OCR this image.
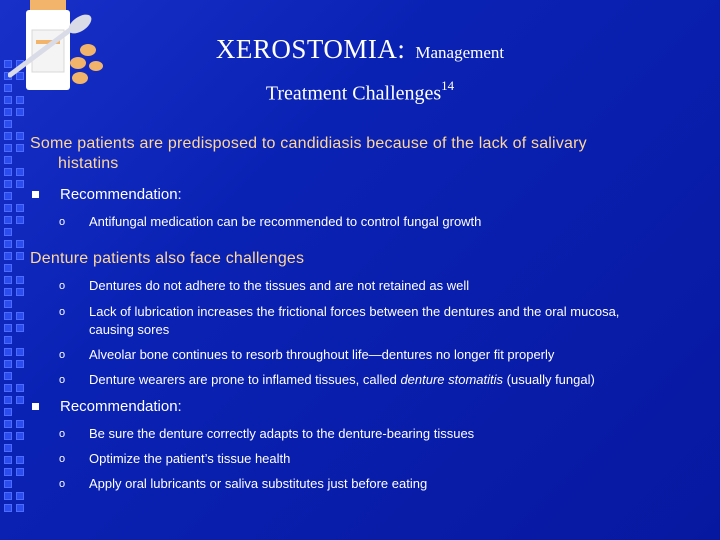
XEROSTOMIA: Management
Treatment Challenges$^{14}$
Some patients are predisposed to candidiasis because of the lack of salivary
histatins
Recommendation:
o Antifungal medication can be recommended to control fungal growth
Denture patients also face challenges
o Dentures do not adhere to the tissues and are not retained as well
o Lack of lubrication increases the frictional forces between the dentures and the oral mucosa,
causing sores
o Alveolar bone continues to resorb throughout life—dentures no longer fit properly
o Denture wearers are prone to inflamed tissues, called denture stomatitis (usually fungal)
Recommendation:
o Be sure the denture correctly adapts to the denture-bearing tissues
o Optimize the patient’s tissue health
o Apply oral lubricants or saliva substitutes just before eating
